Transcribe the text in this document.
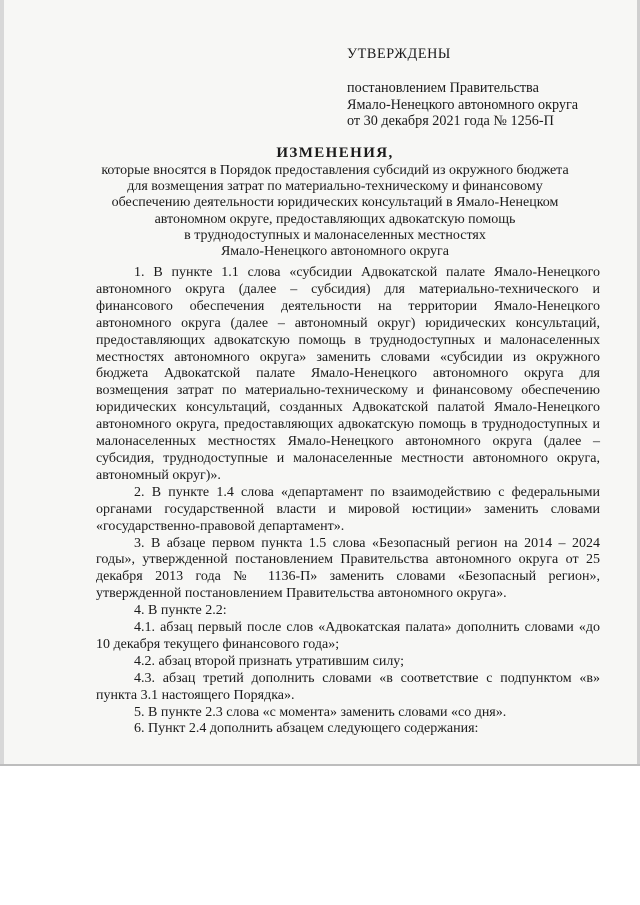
УТВЕРЖДЕНЫ

постановлением Правительства

Ямало-Ненецкого автономного округа

от 30 декабря 2021 года № 1256-П

ИЗМЕНЕНИЯ,

которые вносятся в Порядок предоставления субсидий из окружного бюджета

для возмещения затрат по материально-техническому и финансовому

обеспечению деятельности юридических консультаций в Ямало-Ненецком

автономном округе, предоставляющих адвокатскую помощь

в труднодоступных и малонаселенных местностях

Ямало-Ненецкого автономного округа

1. В пункте 1.1 слова «субсидии Адвокатской палате Ямало-Ненецкого автономного округа (далее – субсидия) для материально-технического и финансового обеспечения деятельности на территории Ямало-Ненецкого автономного округа (далее – автономный округ) юридических консультаций, предоставляющих адвокатскую помощь в труднодоступных и малонаселенных местностях автономного округа» заменить словами «субсидии из окружного бюджета Адвокатской палате Ямало-Ненецкого автономного округа для возмещения затрат по материально-техническому и финансовому обеспечению юридических консультаций, созданных Адвокатской палатой Ямало-Ненецкого автономного округа, предоставляющих адвокатскую помощь в труднодоступных и малонаселенных местностях Ямало-Ненецкого автономного округа (далее – субсидия, труднодоступные и малонаселенные местности автономного округа, автономный округ)».

2. В пункте 1.4 слова «департамент по взаимодействию с федеральными органами государственной власти и мировой юстиции» заменить словами «государственно-правовой департамент».

3. В абзаце первом пункта 1.5 слова «Безопасный регион на 2014 – 2024 годы», утвержденной постановлением Правительства автономного округа от 25 декабря 2013 года № 1136-П» заменить словами «Безопасный регион», утвержденной постановлением Правительства автономного округа».

4. В пункте 2.2:

4.1. абзац первый после слов «Адвокатская палата» дополнить словами «до 10 декабря текущего финансового года»;

4.2. абзац второй признать утратившим силу;

4.3. абзац третий дополнить словами «в соответствие с подпунктом «в» пункта 3.1 настоящего Порядка».

5. В пункте 2.3 слова «с момента» заменить словами «со дня».

6. Пункт 2.4 дополнить абзацем следующего содержания:
